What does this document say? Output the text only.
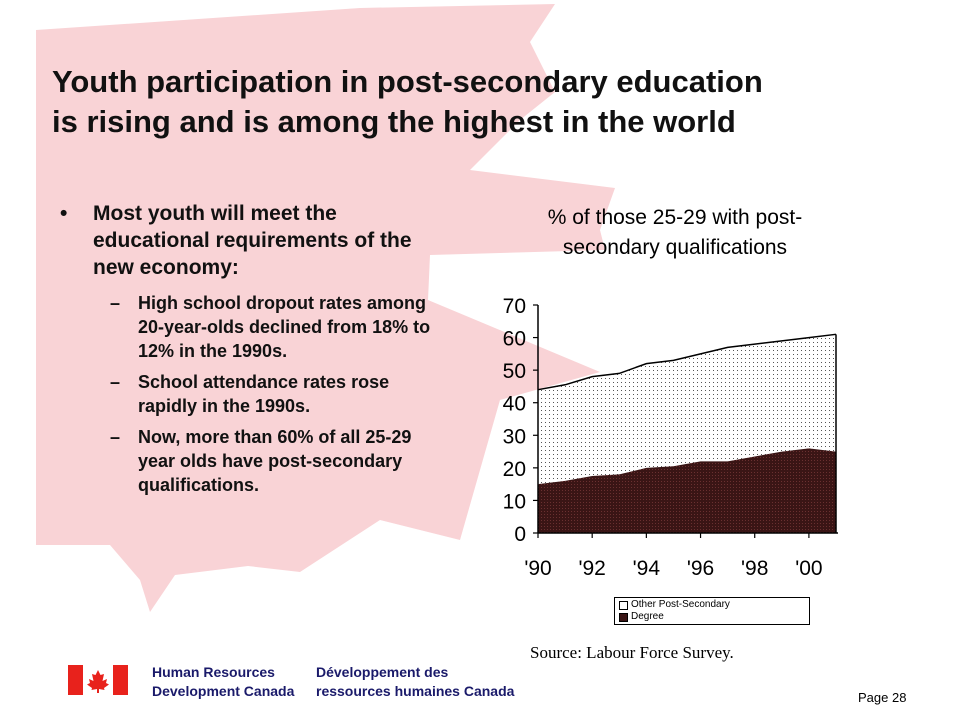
Youth participation in post-secondary education
is rising and is among the highest in the world
• Most youth will meet the educational requirements of the new economy:
– High school dropout rates among 20-year-olds declined from 18% to 12% in the 1990s.
– School attendance rates rose rapidly in the 1990s.
– Now, more than 60% of all 25-29 year olds have post-secondary qualifications.
% of those 25-29 with post-
secondary qualifications
0
10
20
30
40
50
60
70
'90 '92 '94 '96 '98 '00
Other Post-Secondary
Degree
Source: Labour Force Survey.
Human Resources
Development Canada
Développement des
ressources humaines Canada	Page 28
